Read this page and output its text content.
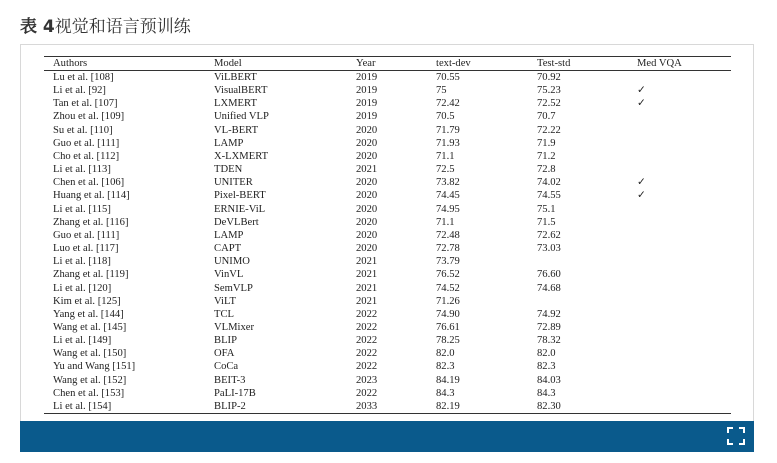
表 4视觉和语言预训练
Authors	Model	Year	text-dev	Test-std	Med VQA
Lu et al. [108]	ViLBERT	2019	70.55	70.92	
Li et al. [92]	VisualBERT	2019	75	75.23	✓
Tan et al. [107]	LXMERT	2019	72.42	72.52	✓
Zhou et al. [109]	Unified VLP	2019	70.5	70.7	
Su et al. [110]	VL-BERT	2020	71.79	72.22	
Guo et al. [111]	LAMP	2020	71.93	71.9	
Cho et al. [112]	X-LXMERT	2020	71.1	71.2	
Li et al. [113]	TDEN	2021	72.5	72.8	
Chen et al. [106]	UNITER	2020	73.82	74.02	✓
Huang et al. [114]	Pixel-BERT	2020	74.45	74.55	✓
Li et al. [115]	ERNIE-ViL	2020	74.95	75.1	
Zhang et al. [116]	DeVLBert	2020	71.1	71.5	
Guo et al. [111]	LAMP	2020	72.48	72.62	
Luo et al. [117]	CAPT	2020	72.78	73.03	
Li et al. [118]	UNIMO	2021	73.79		
Zhang et al. [119]	VinVL	2021	76.52	76.60	
Li et al. [120]	SemVLP	2021	74.52	74.68	
Kim et al. [125]	ViLT	2021	71.26		
Yang et al. [144]	TCL	2022	74.90	74.92	
Wang et al. [145]	VLMixer	2022	76.61	72.89	
Li et al. [149]	BLIP	2022	78.25	78.32	
Wang et al. [150]	OFA	2022	82.0	82.0	
Yu and Wang [151]	CoCa	2022	82.3	82.3	
Wang et al. [152]	BEIT-3	2023	84.19	84.03	
Chen et al. [153]	PaLI-17B	2022	84.3	84.3	
Li et al. [154]	BLIP-2	2033	82.19	82.30	
